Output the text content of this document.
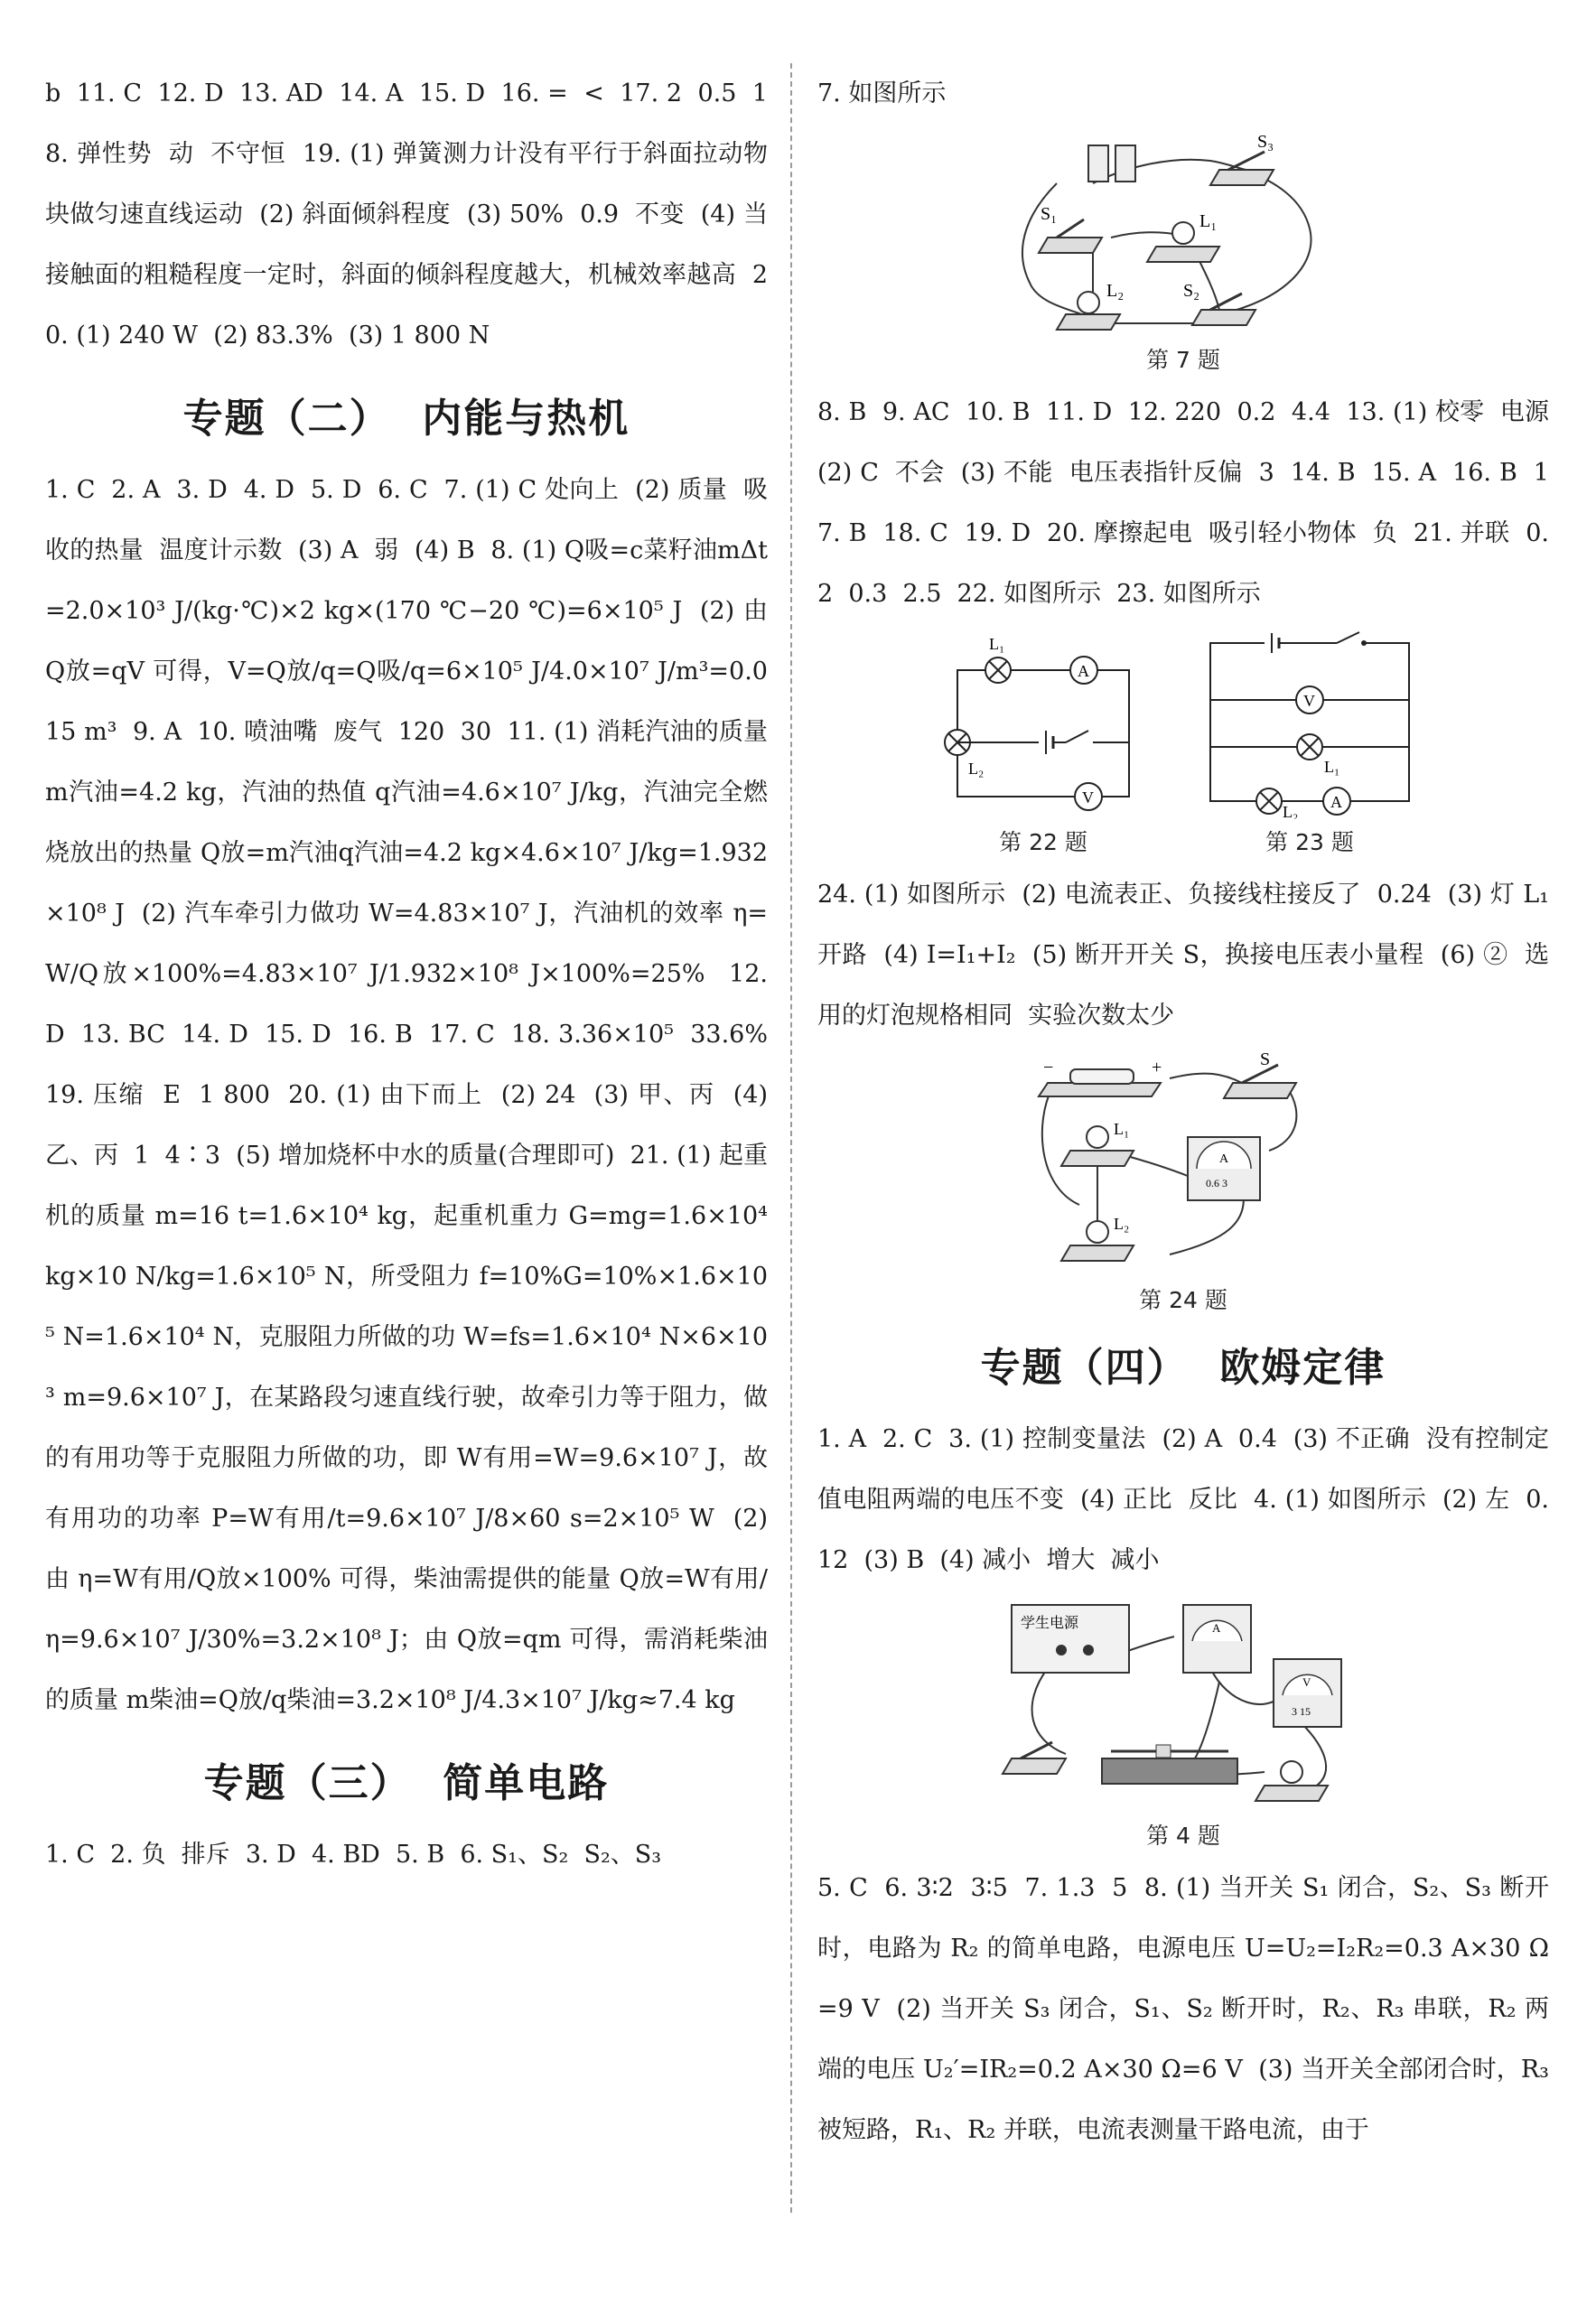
b  11. C  12. D  13. AD  14. A  15. D  16. =  <  17. 2  0.5  18. 弹性势  动  不守恒  19. (1) 弹簧测力计没有平行于斜面拉动物块做匀速直线运动  (2) 斜面倾斜程度  (3) 50%  0.9  不变  (4) 当接触面的粗糙程度一定时，斜面的倾斜程度越大，机械效率越高  20. (1) 240 W  (2) 83.3%  (3) 1 800 N

专题（二）  内能与热机

1. C  2. A  3. D  4. D  5. D  6. C  7. (1) C 处向上  (2) 质量  吸收的热量  温度计示数  (3) A  弱  (4) B  8. (1) Q吸=c菜籽油mΔt=2.0×10³ J/(kg·℃)×2 kg×(170 ℃−20 ℃)=6×10⁵ J  (2) 由 Q放=qV 可得，V=Q放/q=Q吸/q=6×10⁵ J/4.0×10⁷ J/m³=0.015 m³  9. A  10. 喷油嘴  废气  120  30  11. (1) 消耗汽油的质量 m汽油=4.2 kg，汽油的热值 q汽油=4.6×10⁷ J/kg，汽油完全燃烧放出的热量 Q放=m汽油q汽油=4.2 kg×4.6×10⁷ J/kg=1.932×10⁸ J  (2) 汽车牵引力做功 W=4.83×10⁷ J，汽油机的效率 η=W/Q放×100%=4.83×10⁷ J/1.932×10⁸ J×100%=25%  12. D  13. BC  14. D  15. D  16. B  17. C  18. 3.36×10⁵  33.6%  19. 压缩  E  1 800  20. (1) 由下而上  (2) 24  (3) 甲、丙  (4) 乙、丙  1  4∶3  (5) 增加烧杯中水的质量(合理即可)  21. (1) 起重机的质量 m=16 t=1.6×10⁴ kg，起重机重力 G=mg=1.6×10⁴ kg×10 N/kg=1.6×10⁵ N，所受阻力 f=10%G=10%×1.6×10⁵ N=1.6×10⁴ N，克服阻力所做的功 W=fs=1.6×10⁴ N×6×10³ m=9.6×10⁷ J，在某路段匀速直线行驶，故牵引力等于阻力，做的有用功等于克服阻力所做的功，即 W有用=W=9.6×10⁷ J，故有用功的功率 P=W有用/t=9.6×10⁷ J/8×60 s=2×10⁵ W  (2) 由 η=W有用/Q放×100% 可得，柴油需提供的能量 Q放=W有用/η=9.6×10⁷ J/30%=3.2×10⁸ J；由 Q放=qm 可得，需消耗柴油的质量 m柴油=Q放/q柴油=3.2×10⁸ J/4.3×10⁷ J/kg≈7.4 kg

专题（三）  简单电路

1. C  2. 负  排斥  3. D  4. BD  5. B  6. S₁、S₂  S₂、S₃

7. 如图所示

S₃
S₁	L₁
L₂	S₂
第 7 题

8. B  9. AC  10. B  11. D  12. 220  0.2  4.4  13. (1) 校零  电源  (2) C  不会  (3) 不能  电压表指针反偏  3  14. B  15. A  16. B  17. B  18. C  19. D  20. 摩擦起电  吸引轻小物体  负  21. 并联  0.2  0.3  2.5  22. 如图所示  23. 如图所示

L₁
A
L₂
V
第 22 题
V
L₁
L₂
A
第 23 题

24. (1) 如图所示  (2) 电流表正、负接线柱接反了  0.24  (3) 灯 L₁ 开路  (4) I=I₁+I₂  (5) 断开开关 S，换接电压表小量程  (6) ②  选用的灯泡规格相同  实验次数太少

−	+	S
L₁
A
0.6 3
L₂
第 24 题
专题（四）  欧姆定律

1. A  2. C  3. (1) 控制变量法  (2) A  0.4  (3) 不正确  没有控制定值电阻两端的电压不变  (4) 正比  反比  4. (1) 如图所示  (2) 左  0.12  (3) B  (4) 减小  增大  减小

学生电源	A
V
3 15
第 4 题

5. C  6. 3∶2  3∶5  7. 1.3  5  8. (1) 当开关 S₁ 闭合，S₂、S₃ 断开时，电路为 R₂ 的简单电路，电源电压 U=U₂=I₂R₂=0.3 A×30 Ω=9 V  (2) 当开关 S₃ 闭合，S₁、S₂ 断开时，R₂、R₃ 串联，R₂ 两端的电压 U₂′=IR₂=0.2 A×30 Ω=6 V  (3) 当开关全部闭合时，R₃ 被短路，R₁、R₂ 并联，电流表测量干路电流，由于
